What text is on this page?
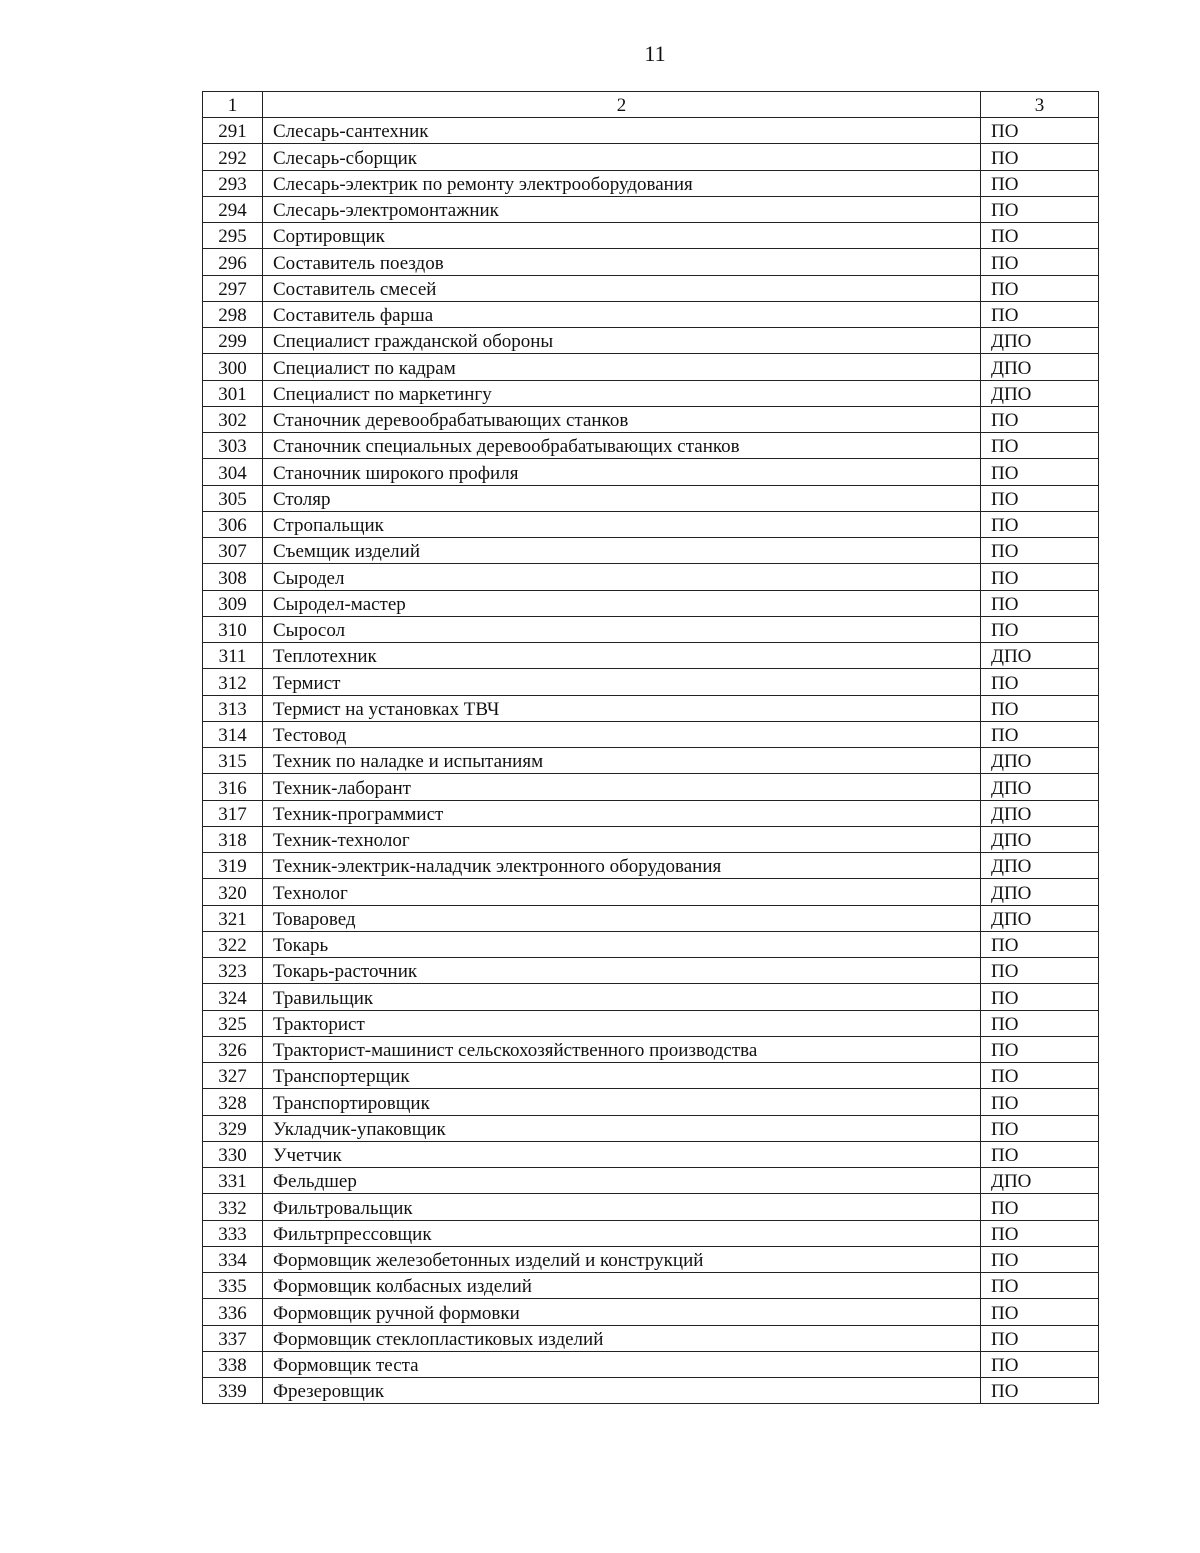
11
1	2	3
291	Слесарь-сантехник	ПО
292	Слесарь-сборщик	ПО
293	Слесарь-электрик по ремонту электрооборудования	ПО
294	Слесарь-электромонтажник	ПО
295	Сортировщик	ПО
296	Составитель поездов	ПО
297	Составитель смесей	ПО
298	Составитель фарша	ПО
299	Специалист гражданской обороны	ДПО
300	Специалист по кадрам	ДПО
301	Специалист по маркетингу	ДПО
302	Станочник деревообрабатывающих станков	ПО
303	Станочник специальных деревообрабатывающих станков	ПО
304	Станочник широкого профиля	ПО
305	Столяр	ПО
306	Стропальщик	ПО
307	Съемщик изделий	ПО
308	Сыродел	ПО
309	Сыродел-мастер	ПО
310	Сыросол	ПО
311	Теплотехник	ДПО
312	Термист	ПО
313	Термист на установках ТВЧ	ПО
314	Тестовод	ПО
315	Техник по наладке и испытаниям	ДПО
316	Техник-лаборант	ДПО
317	Техник-программист	ДПО
318	Техник-технолог	ДПО
319	Техник-электрик-наладчик электронного оборудования	ДПО
320	Технолог	ДПО
321	Товаровед	ДПО
322	Токарь	ПО
323	Токарь-расточник	ПО
324	Травильщик	ПО
325	Тракторист	ПО
326	Тракторист-машинист сельскохозяйственного производства	ПО
327	Транспортерщик	ПО
328	Транспортировщик	ПО
329	Укладчик-упаковщик	ПО
330	Учетчик	ПО
331	Фельдшер	ДПО
332	Фильтровальщик	ПО
333	Фильтрпрессовщик	ПО
334	Формовщик железобетонных изделий и конструкций	ПО
335	Формовщик колбасных изделий	ПО
336	Формовщик ручной формовки	ПО
337	Формовщик стеклопластиковых изделий	ПО
338	Формовщик теста	ПО
339	Фрезеровщик	ПО
